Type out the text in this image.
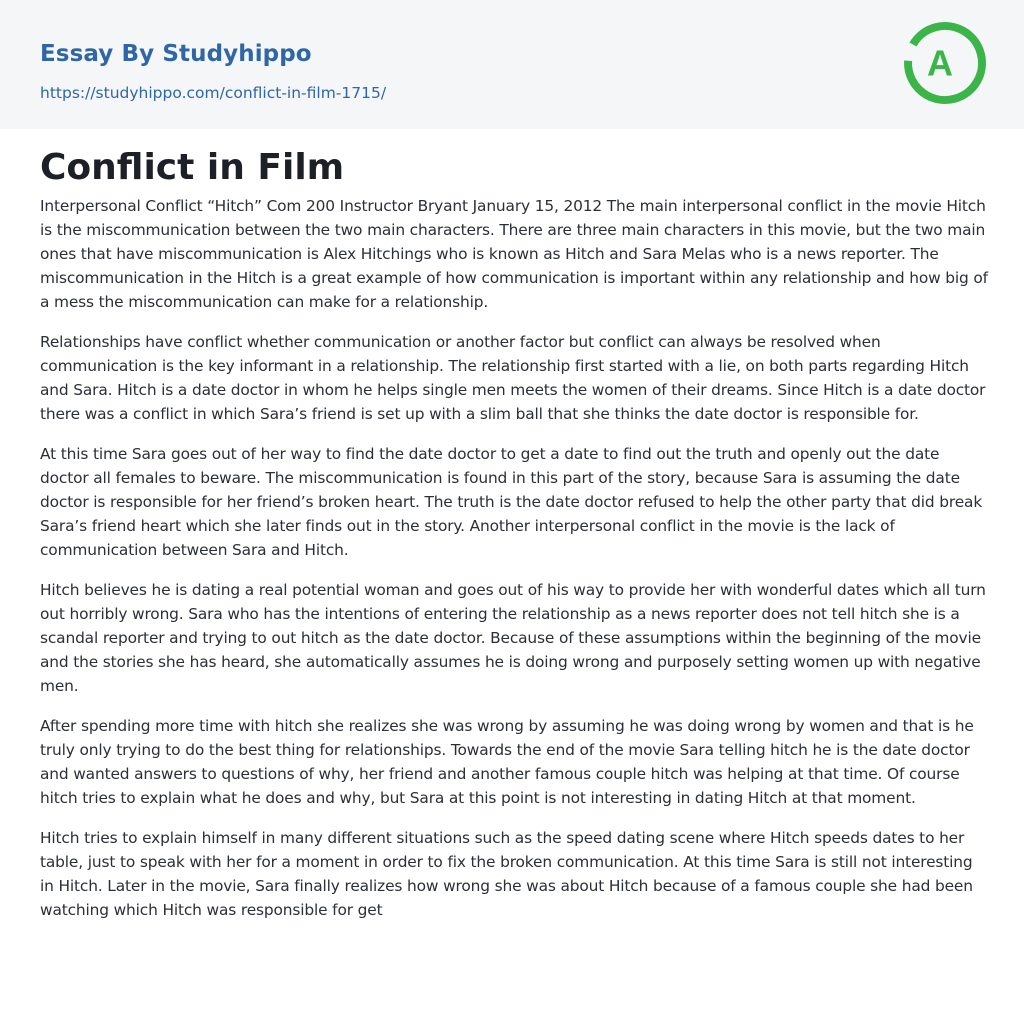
Essay By Studyhippo
https://studyhippo.com/conflict-in-film-1715/
A
Conflict in Film

Interpersonal Conflict “Hitch” Com 200 Instructor Bryant January 15, 2012 The main interpersonal conflict in the movie Hitch is the miscommunication between the two main characters. There are three main characters in this movie, but the two main ones that have miscommunication is Alex Hitchings who is known as Hitch and Sara Melas who is a news reporter. The miscommunication in the Hitch is a great example of how communication is important within any relationship and how big of a mess the miscommunication can make for a relationship.

Relationships have conflict whether communication or another factor but conflict can always be resolved when communication is the key informant in a relationship. The relationship first started with a lie, on both parts regarding Hitch and Sara. Hitch is a date doctor in whom he helps single men meets the women of their dreams. Since Hitch is a date doctor there was a conflict in which Sara’s friend is set up with a slim ball that she thinks the date doctor is responsible for.

At this time Sara goes out of her way to find the date doctor to get a date to find out the truth and openly out the date doctor all females to beware. The miscommunication is found in this part of the story, because Sara is assuming the date doctor is responsible for her friend’s broken heart. The truth is the date doctor refused to help the other party that did break Sara’s friend heart which she later finds out in the story. Another interpersonal conflict in the movie is the lack of communication between Sara and Hitch.

Hitch believes he is dating a real potential woman and goes out of his way to provide her with wonderful dates which all turn out horribly wrong. Sara who has the intentions of entering the relationship as a news reporter does not tell hitch she is a scandal reporter and trying to out hitch as the date doctor. Because of these assumptions within the beginning of the movie and the stories she has heard, she automatically assumes he is doing wrong and purposely setting women up with negative men.

After spending more time with hitch she realizes she was wrong by assuming he was doing wrong by women and that is he truly only trying to do the best thing for relationships. Towards the end of the movie Sara telling hitch he is the date doctor and wanted answers to questions of why, her friend and another famous couple hitch was helping at that time. Of course hitch tries to explain what he does and why, but Sara at this point is not interesting in dating Hitch at that moment.

Hitch tries to explain himself in many different situations such as the speed dating scene where Hitch speeds dates to her table, just to speak with her for a moment in order to fix the broken communication. At this time Sara is still not interesting in Hitch. Later in the movie, Sara finally realizes how wrong she was about Hitch because of a famous couple she had been watching which Hitch was responsible for get
